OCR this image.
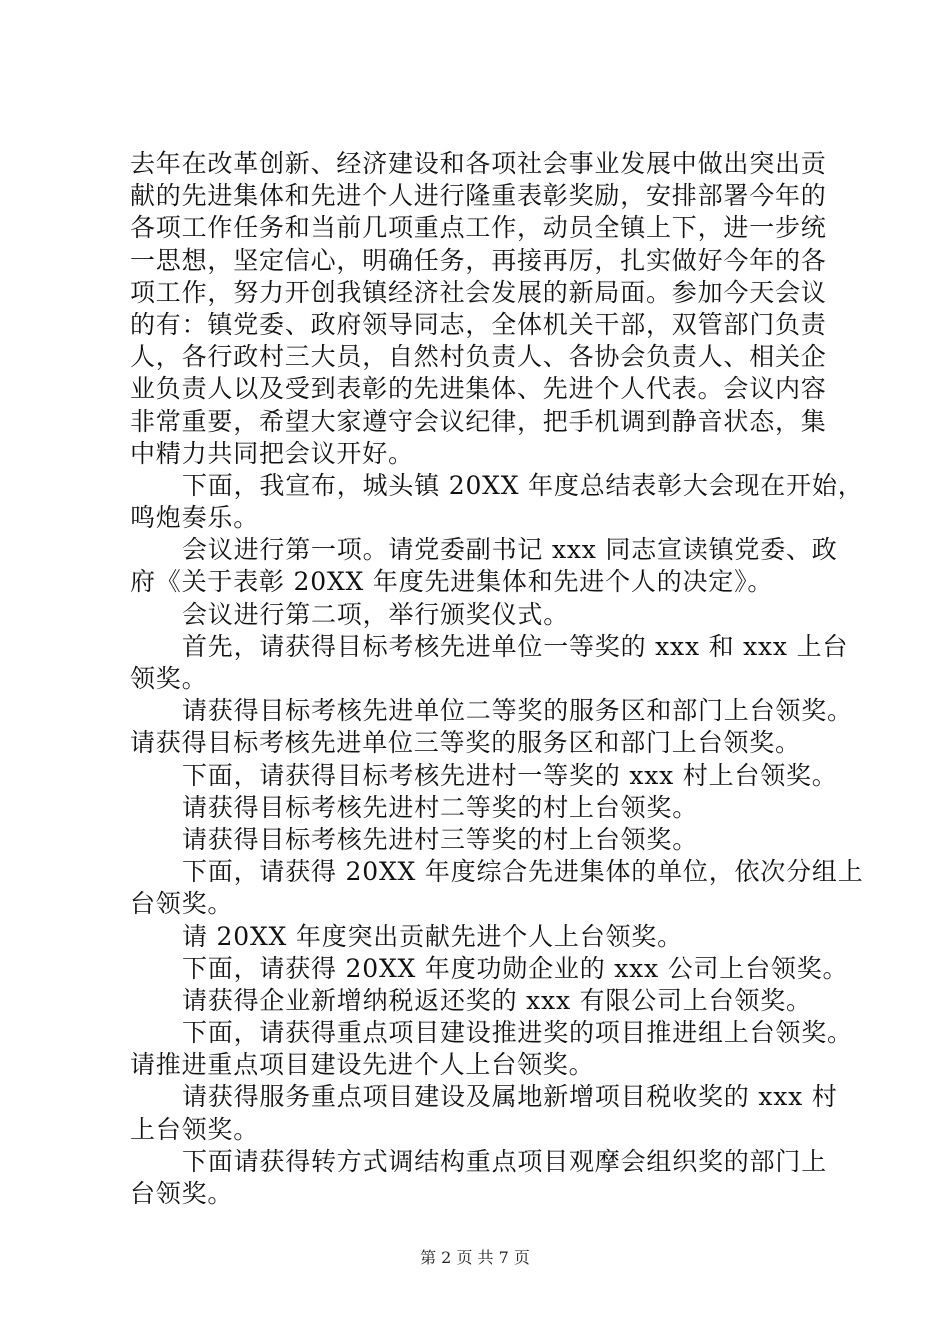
去年在改革创新、经济建设和各项社会事业发展中做出突出贡
献的先进集体和先进个人进行隆重表彰奖励，安排部署今年的
各项工作任务和当前几项重点工作，动员全镇上下，进一步统
一思想，坚定信心，明确任务，再接再厉，扎实做好今年的各
项工作，努力开创我镇经济社会发展的新局面。参加今天会议
的有：镇党委、政府领导同志，全体机关干部，双管部门负责
人，各行政村三大员，自然村负责人、各协会负责人、相关企
业负责人以及受到表彰的先进集体、先进个人代表。会议内容
非常重要，希望大家遵守会议纪律，把手机调到静音状态，集
中精力共同把会议开好。
下面，我宣布，城头镇 20XX 年度总结表彰大会现在开始，
鸣炮奏乐。
会议进行第一项。请党委副书记 xxx 同志宣读镇党委、政
府《关于表彰 20XX 年度先进集体和先进个人的决定》。
会议进行第二项，举行颁奖仪式。
首先，请获得目标考核先进单位一等奖的 xxx 和 xxx 上台
领奖。
请获得目标考核先进单位二等奖的服务区和部门上台领奖。
请获得目标考核先进单位三等奖的服务区和部门上台领奖。
下面，请获得目标考核先进村一等奖的 xxx 村上台领奖。
请获得目标考核先进村二等奖的村上台领奖。
请获得目标考核先进村三等奖的村上台领奖。
下面，请获得 20XX 年度综合先进集体的单位，依次分组上
台领奖。
请 20XX 年度突出贡献先进个人上台领奖。
下面，请获得 20XX 年度功勋企业的 xxx 公司上台领奖。
请获得企业新增纳税返还奖的 xxx 有限公司上台领奖。
下面，请获得重点项目建设推进奖的项目推进组上台领奖。
请推进重点项目建设先进个人上台领奖。
请获得服务重点项目建设及属地新增项目税收奖的 xxx 村
上台领奖。
下面请获得转方式调结构重点项目观摩会组织奖的部门上
台领奖。
第 2 页 共 7 页
